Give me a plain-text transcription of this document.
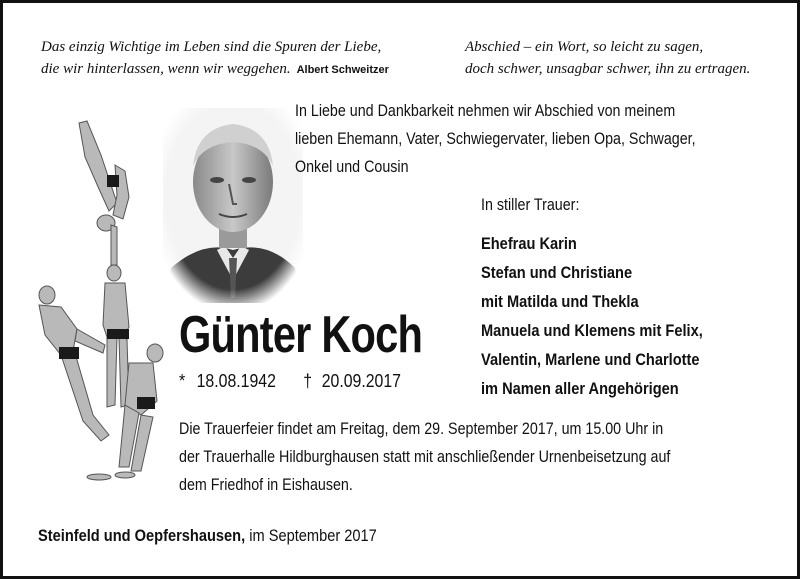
Das einzig Wichtige im Leben sind die Spuren der Liebe,
die wir hinterlassen, wenn wir weggehen. Albert Schweitzer
Abschied – ein Wort, so leicht zu sagen,
doch schwer, unsagbar schwer, ihn zu ertragen.
In Liebe und Dankbarkeit nehmen wir Abschied von meinem
lieben Ehemann, Vater, Schwiegervater, lieben Opa, Schwager,
Onkel und Cousin
In stiller Trauer:
Ehefrau Karin
Stefan und Christiane
mit Matilda und Thekla
Manuela und Klemens mit Felix,
Valentin, Marlene und Charlotte
im Namen aller Angehörigen
Günter Koch
* 18.08.1942 † 20.09.2017
Die Trauerfeier findet am Freitag, dem 29. September 2017, um 15.00 Uhr in
der Trauerhalle Hildburghausen statt mit anschließender Urnenbeisetzung auf
dem Friedhof in Eishausen.
Steinfeld und Oepfershausen, im September 2017
